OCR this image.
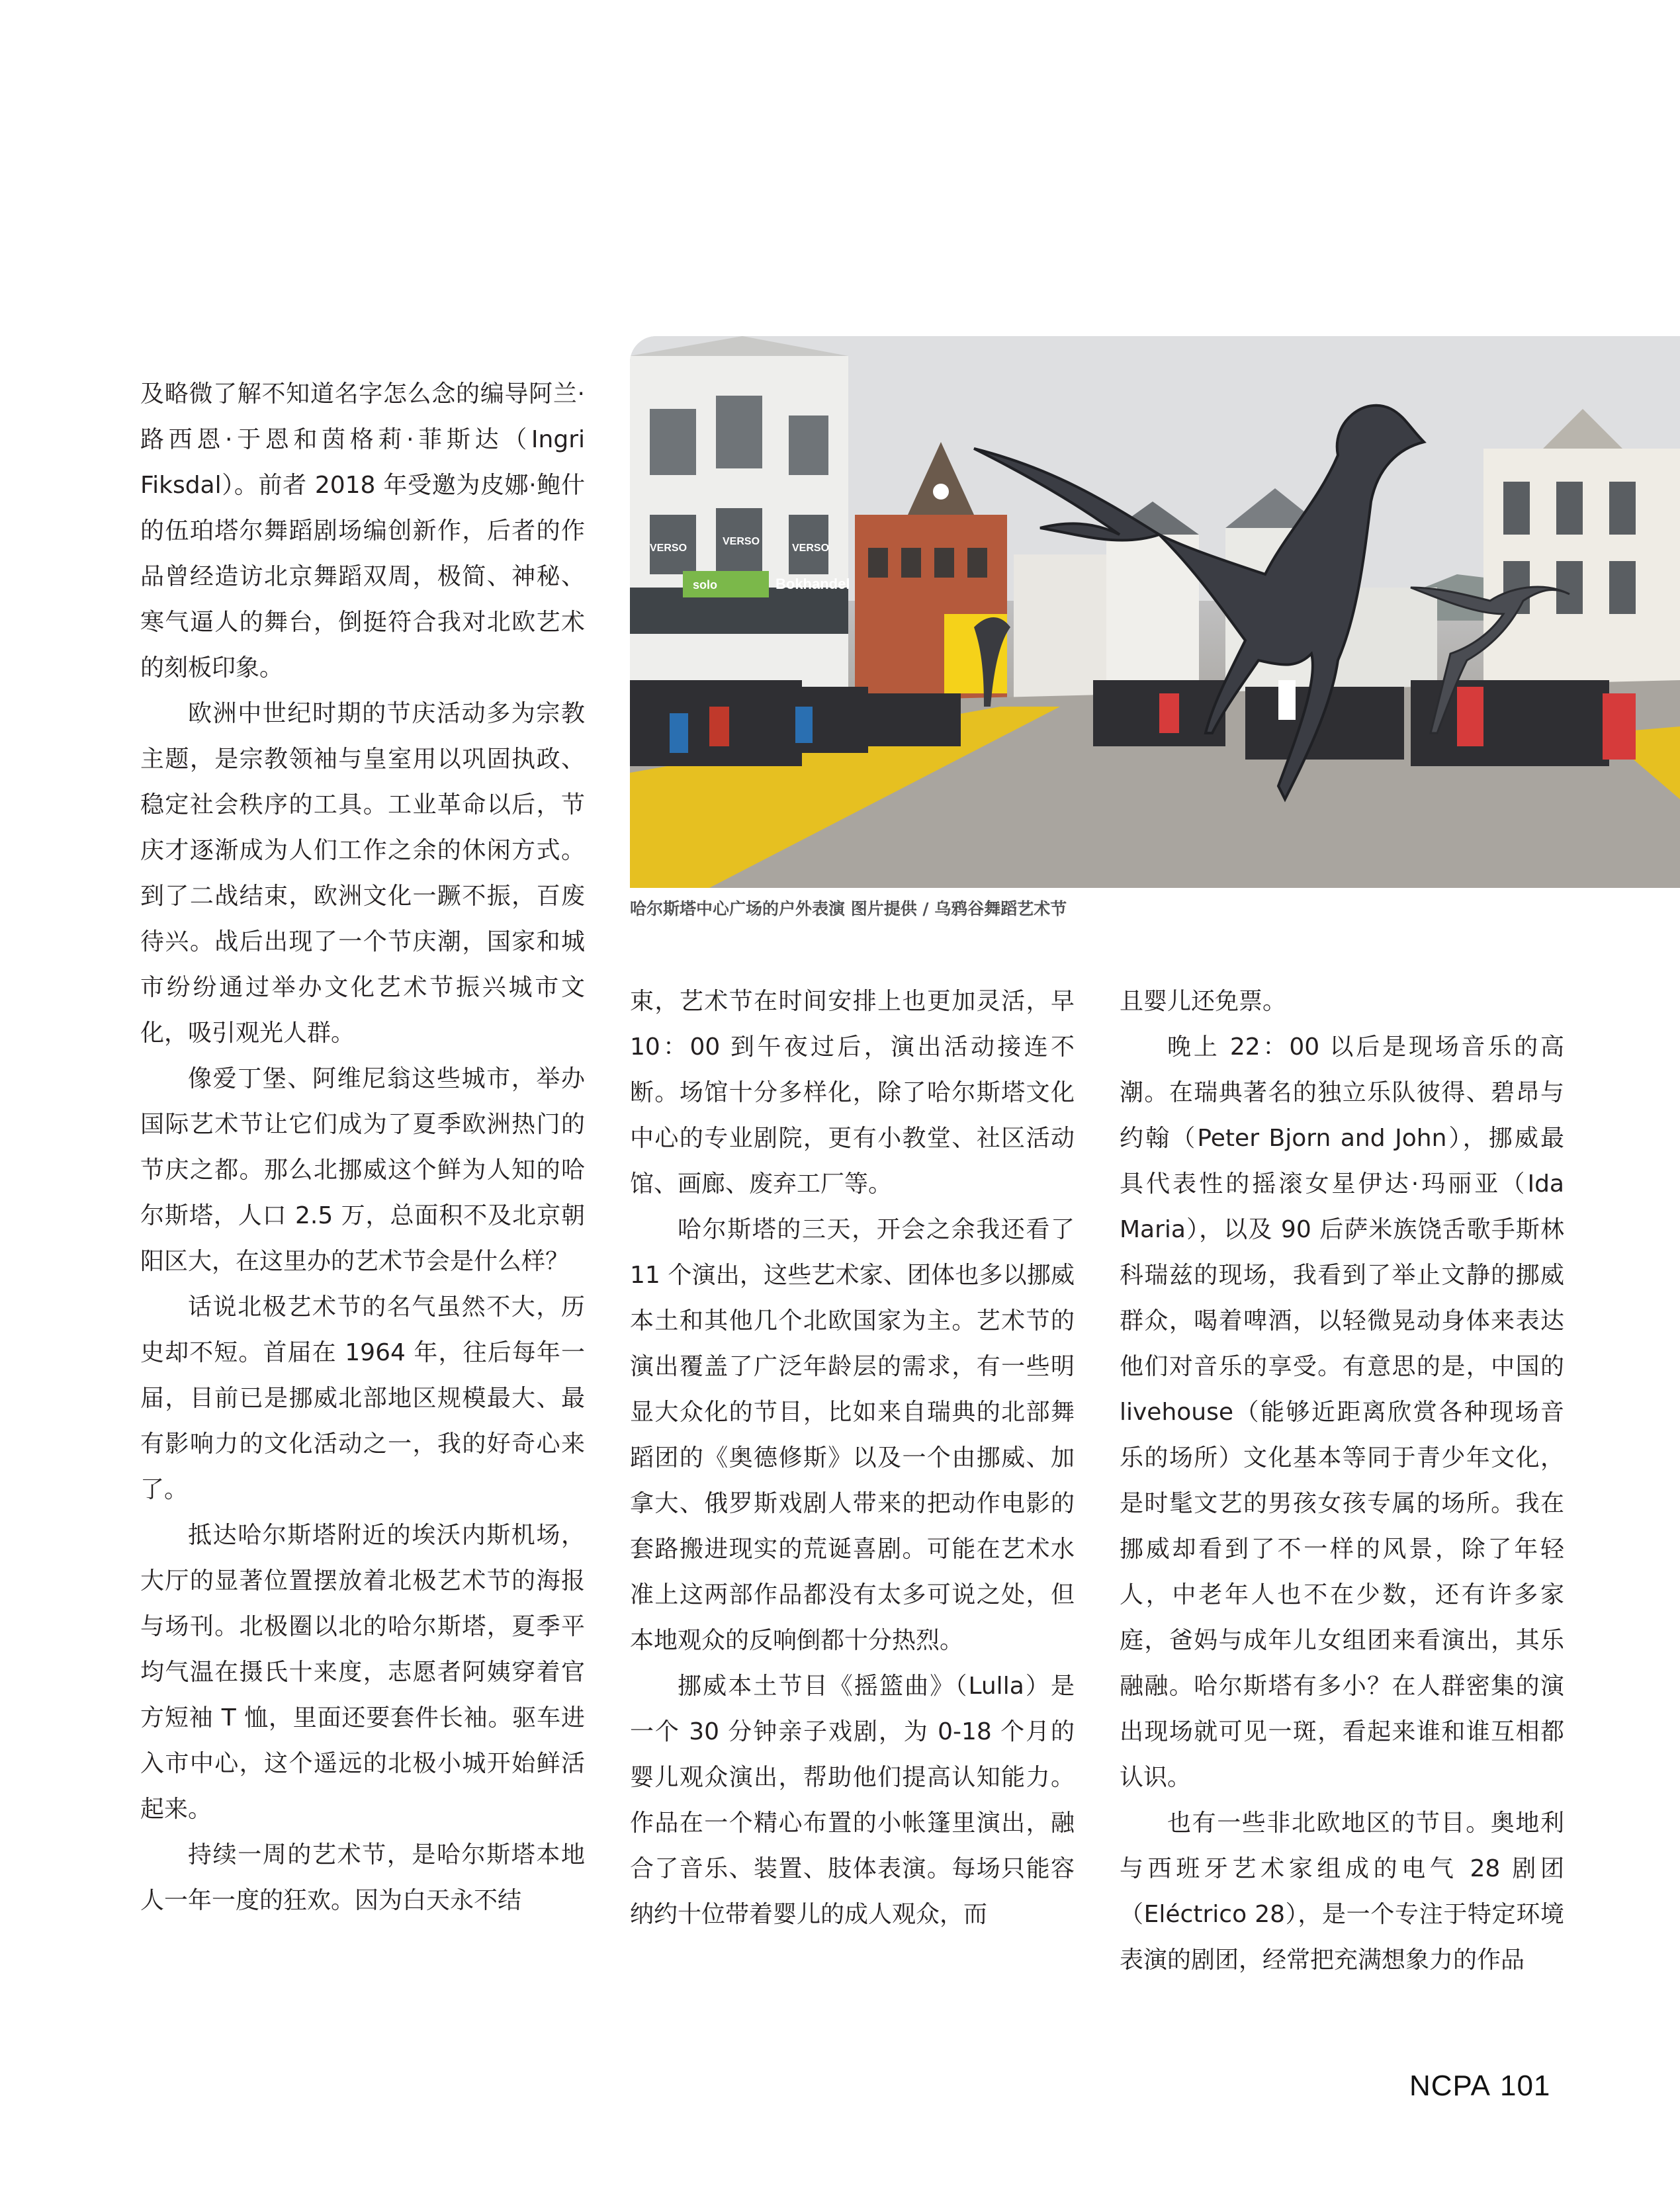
及略微了解不知道名字怎么念的编导阿兰·路西恩·于恩和茵格莉·菲斯达（Ingri Fiksdal）。前者 2018 年受邀为皮娜·鲍什的伍珀塔尔舞蹈剧场编创新作，后者的作品曾经造访北京舞蹈双周，极简、神秘、寒气逼人的舞台，倒挺符合我对北欧艺术的刻板印象。

欧洲中世纪时期的节庆活动多为宗教主题，是宗教领袖与皇室用以巩固执政、稳定社会秩序的工具。工业革命以后，节庆才逐渐成为人们工作之余的休闲方式。到了二战结束，欧洲文化一蹶不振，百废待兴。战后出现了一个节庆潮，国家和城市纷纷通过举办文化艺术节振兴城市文化，吸引观光人群。

像爱丁堡、阿维尼翁这些城市，举办国际艺术节让它们成为了夏季欧洲热门的节庆之都。那么北挪威这个鲜为人知的哈尔斯塔，人口 2.5 万，总面积不及北京朝阳区大，在这里办的艺术节会是什么样？

话说北极艺术节的名气虽然不大，历史却不短。首届在 1964 年，往后每年一届，目前已是挪威北部地区规模最大、最有影响力的文化活动之一，我的好奇心来了。

抵达哈尔斯塔附近的埃沃内斯机场，大厅的显著位置摆放着北极艺术节的海报与场刊。北极圈以北的哈尔斯塔，夏季平均气温在摄氏十来度，志愿者阿姨穿着官方短袖 T 恤，里面还要套件长袖。驱车进入市中心，这个遥远的北极小城开始鲜活起来。

持续一周的艺术节，是哈尔斯塔本地人一年一度的狂欢。因为白天永不结

VERSO
VERSO
VERSO
Bokhandel
solo
哈尔斯塔中心广场的户外表演 图片提供 / 乌鸦谷舞蹈艺术节

束，艺术节在时间安排上也更加灵活，早 10：00 到午夜过后，演出活动接连不断。场馆十分多样化，除了哈尔斯塔文化中心的专业剧院，更有小教堂、社区活动馆、画廊、废弃工厂等。

哈尔斯塔的三天，开会之余我还看了 11 个演出，这些艺术家、团体也多以挪威本土和其他几个北欧国家为主。艺术节的演出覆盖了广泛年龄层的需求，有一些明显大众化的节目，比如来自瑞典的北部舞蹈团的《奥德修斯》以及一个由挪威、加拿大、俄罗斯戏剧人带来的把动作电影的套路搬进现实的荒诞喜剧。可能在艺术水准上这两部作品都没有太多可说之处，但本地观众的反响倒都十分热烈。

挪威本土节目《摇篮曲》（Lulla）是一个 30 分钟亲子戏剧，为 0-18 个月的婴儿观众演出，帮助他们提高认知能力。作品在一个精心布置的小帐篷里演出，融合了音乐、装置、肢体表演。每场只能容纳约十位带着婴儿的成人观众，而

且婴儿还免票。

晚上 22：00 以后是现场音乐的高潮。在瑞典著名的独立乐队彼得、碧昂与约翰（Peter Bjorn and John），挪威最具代表性的摇滚女星伊达·玛丽亚（Ida Maria），以及 90 后萨米族饶舌歌手斯林科瑞兹的现场，我看到了举止文静的挪威群众，喝着啤酒，以轻微晃动身体来表达他们对音乐的享受。有意思的是，中国的 livehouse（能够近距离欣赏各种现场音乐的场所）文化基本等同于青少年文化，是时髦文艺的男孩女孩专属的场所。我在挪威却看到了不一样的风景，除了年轻人，中老年人也不在少数，还有许多家庭，爸妈与成年儿女组团来看演出，其乐融融。哈尔斯塔有多小？在人群密集的演出现场就可见一斑，看起来谁和谁互相都认识。

也有一些非北欧地区的节目。奥地利与西班牙艺术家组成的电气 28 剧团（Eléctrico 28），是一个专注于特定环境表演的剧团，经常把充满想象力的作品

NCPA 101
